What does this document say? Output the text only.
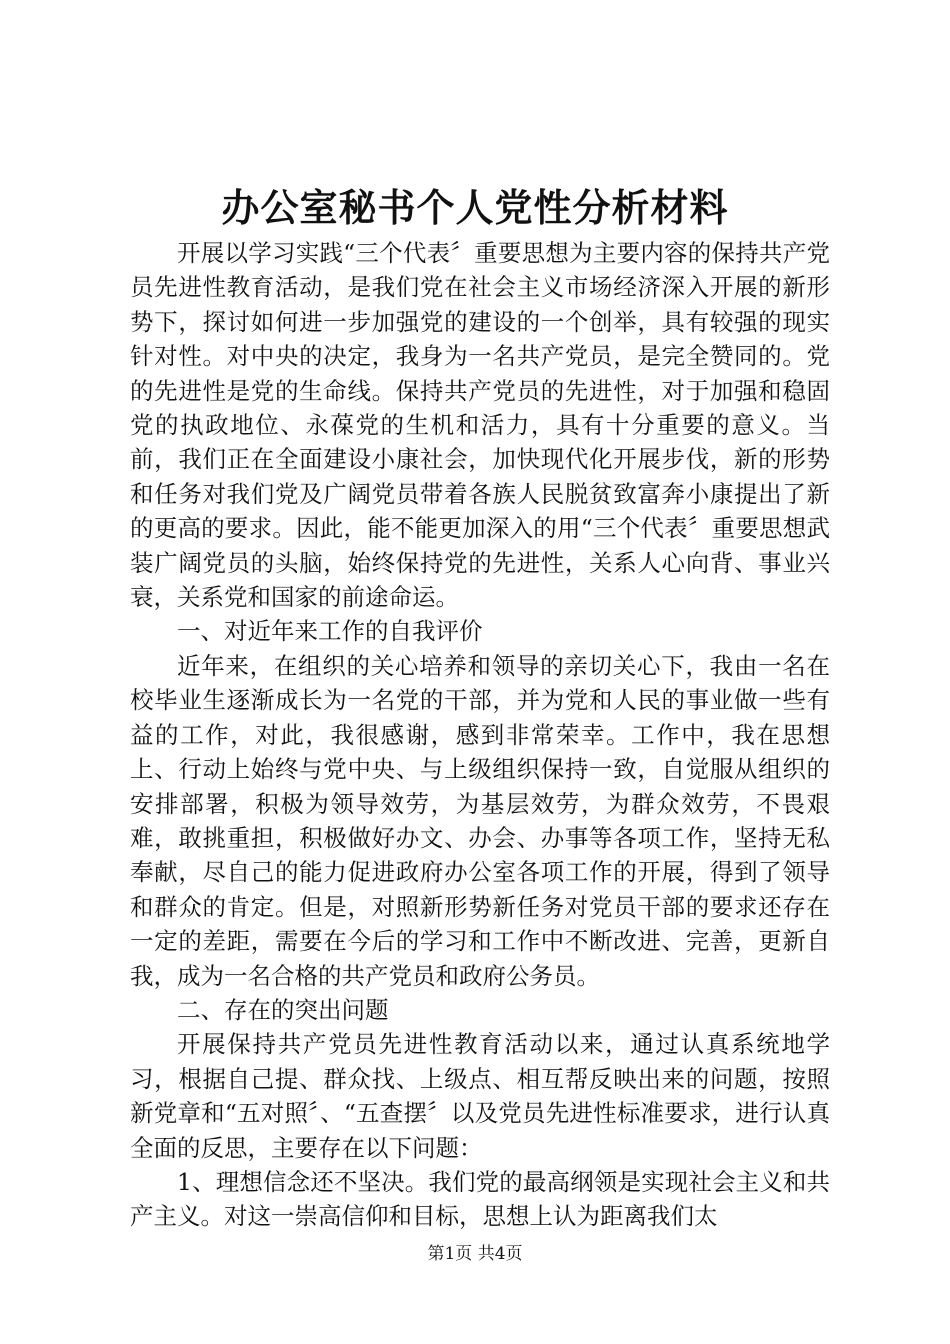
办公室秘书个人党性分析材料

开展以学习实践“三个代表〞重要思想为主要内容的保持共产党员先进性教育活动，是我们党在社会主义市场经济深入开展的新形势下，探讨如何进一步加强党的建设的一个创举，具有较强的现实针对性。对中央的决定，我身为一名共产党员，是完全赞同的。党的先进性是党的生命线。保持共产党员的先进性，对于加强和稳固党的执政地位、永葆党的生机和活力，具有十分重要的意义。当前，我们正在全面建设小康社会，加快现代化开展步伐，新的形势和任务对我们党及广阔党员带着各族人民脱贫致富奔小康提出了新的更高的要求。因此，能不能更加深入的用“三个代表〞重要思想武装广阔党员的头脑，始终保持党的先进性，关系人心向背、事业兴衰，关系党和国家的前途命运。

一、对近年来工作的自我评价

近年来，在组织的关心培养和领导的亲切关心下，我由一名在校毕业生逐渐成长为一名党的干部，并为党和人民的事业做一些有益的工作，对此，我很感谢，感到非常荣幸。工作中，我在思想上、行动上始终与党中央、与上级组织保持一致，自觉服从组织的安排部署，积极为领导效劳，为基层效劳，为群众效劳，不畏艰难，敢挑重担，积极做好办文、办会、办事等各项工作，坚持无私奉献，尽自己的能力促进政府办公室各项工作的开展，得到了领导和群众的肯定。但是，对照新形势新任务对党员干部的要求还存在一定的差距，需要在今后的学习和工作中不断改进、完善，更新自我，成为一名合格的共产党员和政府公务员。

二、存在的突出问题

开展保持共产党员先进性教育活动以来，通过认真系统地学习，根据自己提、群众找、上级点、相互帮反映出来的问题，按照新党章和“五对照〞、“五查摆〞以及党员先进性标准要求，进行认真全面的反思，主要存在以下问题：

1、理想信念还不坚决。我们党的最高纲领是实现社会主义和共产主义。对这一崇高信仰和目标，思想上认为距离我们太

第1页 共4页
